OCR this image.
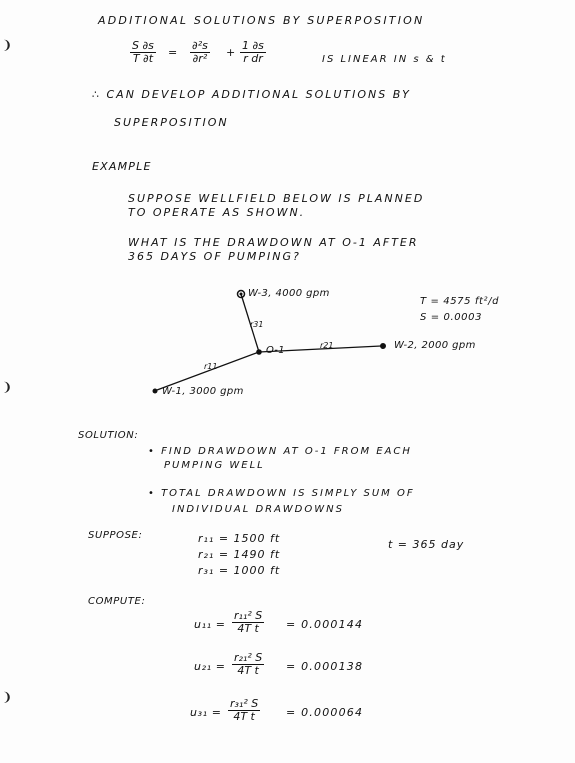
❩
❩
❩
ADDITIONAL SOLUTIONS BY SUPERPOSITION
$\frac{S \partial s}{T \partial t} = \frac{\text{∂²s}}{\text{∂r²}} + \frac{1 \partial s}{\text{r dr}}$	IS LINEAR IN s & t
∴ CAN DEVELOP ADDITIONAL SOLUTIONS BY
SUPERPOSITION
EXAMPLE
SUPPOSE WELLFIELD BELOW IS PLANNED
TO OPERATE AS SHOWN.
WHAT IS THE DRAWDOWN AT O-1 AFTER
365 DAYS OF PUMPING?
W-3, 4000 gpm
W-2, 2000 gpm
W-1, 3000 gpm
O-1
r31
r21
r11
T = 4575 ft²/d
S = 0.0003
SOLUTION:
• FIND DRAWDOWN AT O-1 FROM EACH
PUMPING WELL
• TOTAL DRAWDOWN IS SIMPLY SUM OF
INDIVIDUAL DRAWDOWNS
SUPPOSE:	r₁₁ = 1500 ft
r₂₁ = 1490 ft
r₃₁ = 1000 ft
t = 365 day
COMPUTE:
$u_{11} = \frac{\text{r₁₁² S}}{\text{4T t}} = 0.000144$
$u_{21} = \frac{\text{r₂₁² S}}{\text{4T t}} = 0.000138$
$u_{31} = \frac{\text{r₃₁² S}}{\text{4T t}} = 0.000064$
